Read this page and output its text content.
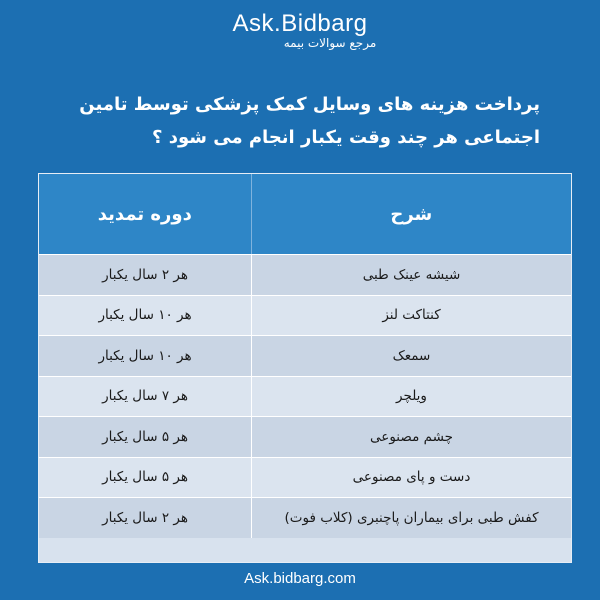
Ask.Bidbarg
مرجع سوالات بیمه
پرداخت هزینه های وسایل کمک پزشکی توسط تامین
اجتماعی هر چند وقت یکبار انجام می شود ؟
شرح
دوره تمدید
شیشه عینک طبی
هر ۲ سال یکبار
کنتاکت لنز
هر ۱۰ سال یکبار
سمعک
هر ۱۰ سال یکبار
ویلچر
هر ۷ سال یکبار
چشم مصنوعی
هر ۵ سال یکبار
دست و پای مصنوعی
هر ۵ سال یکبار
کفش طبی برای بیماران پاچنبری (کلاب فوت)
هر ۲ سال یکبار
Ask.bidbarg.com
